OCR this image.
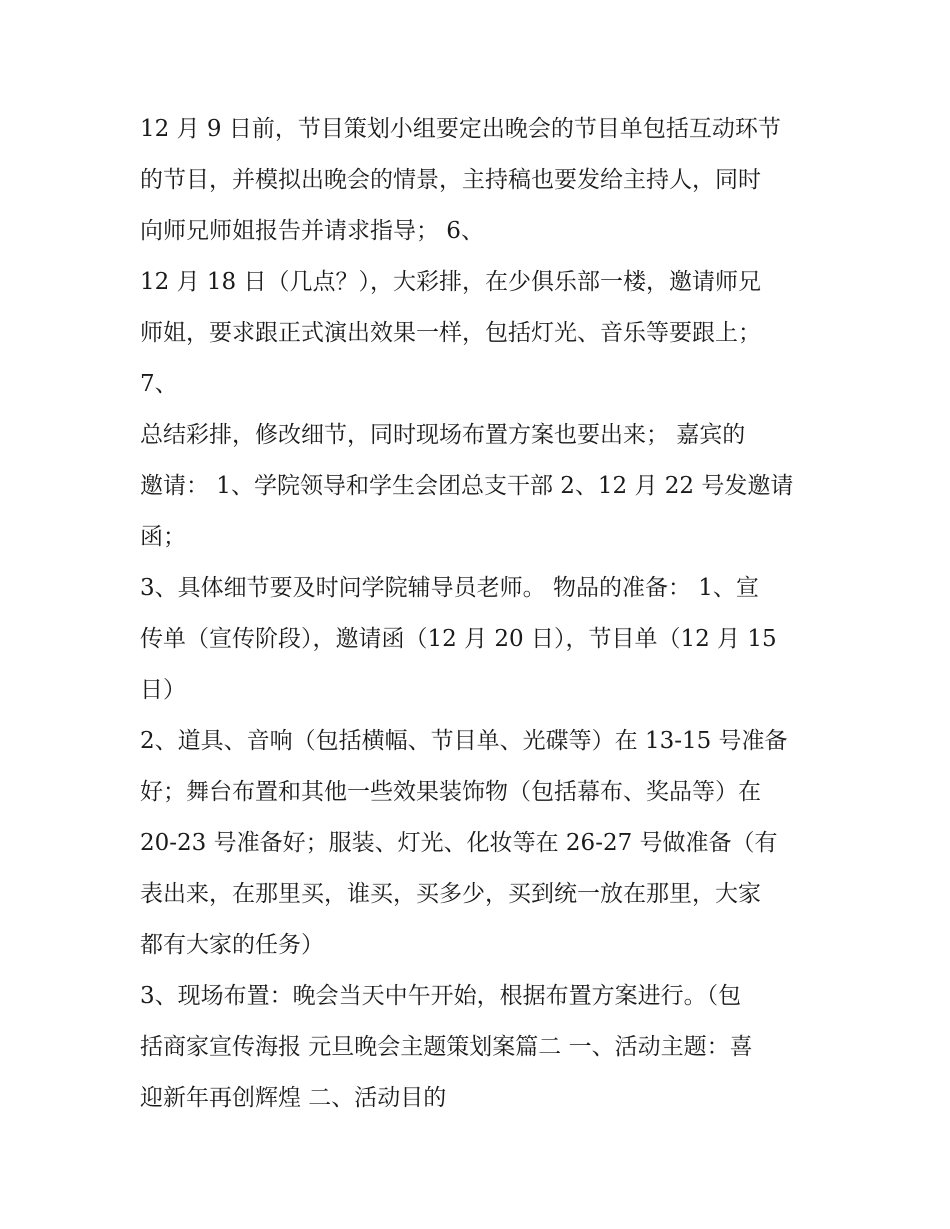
12 月 9 日前，节目策划小组要定出晚会的节目单包括互动环节
的节目，并模拟出晚会的情景，主持稿也要发给主持人，同时
向师兄师姐报告并请求指导； 6、
12 月 18 日（几点？），大彩排，在少俱乐部一楼，邀请师兄
师姐，要求跟正式演出效果一样，包括灯光、音乐等要跟上；
7、
总结彩排，修改细节，同时现场布置方案也要出来； 嘉宾的
邀请： 1、学院领导和学生会团总支干部 2、12 月 22 号发邀请
函；
3、具体细节要及时问学院辅导员老师。 物品的准备： 1、宣
传单（宣传阶段），邀请函（12 月 20 日），节目单（12 月 15
日）
2、道具、音响（包括横幅、节目单、光碟等）在 13-15 号准备
好；舞台布置和其他一些效果装饰物（包括幕布、奖品等）在
20-23 号准备好；服装、灯光、化妆等在 26-27 号做准备（有
表出来，在那里买，谁买，买多少，买到统一放在那里，大家
都有大家的任务）
3、现场布置：晚会当天中午开始，根据布置方案进行。（包
括商家宣传海报 元旦晚会主题策划案篇二 一、活动主题：喜
迎新年再创辉煌 二、活动目的
